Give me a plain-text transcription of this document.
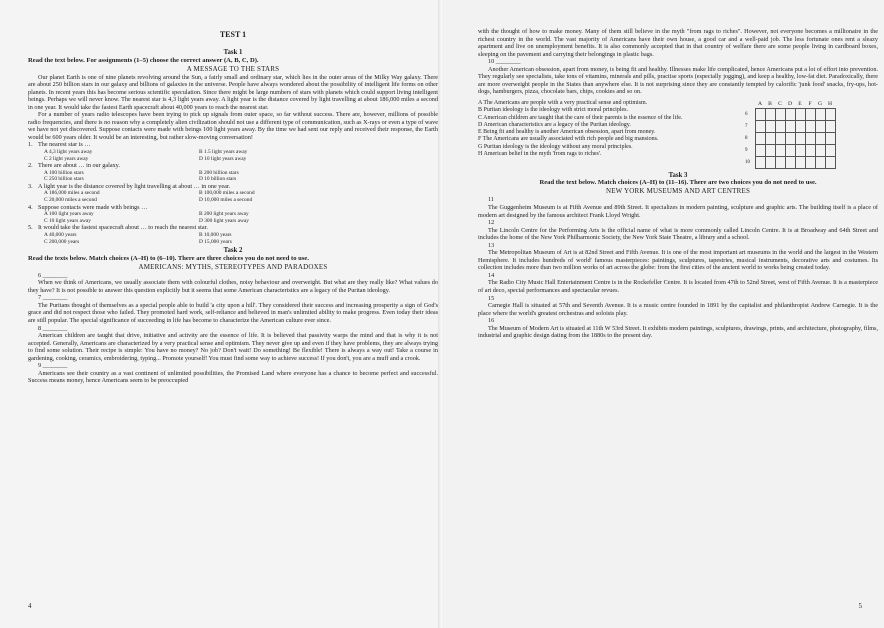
TEST 1
Task 1
Read the text below. For assignments (1–5) choose the correct answer (A, B, C, D).
A MESSAGE TO THE STARS

Our planet Earth is one of nine planets revolving around the Sun, a fairly small and ordinary star, which lies in the outer areas of the Milky Way galaxy. There are about 250 billion stars in our galaxy and billions of galaxies in the universe. People have always wondered about the possibility of intelligent life forms on other planets. In recent years this has become serious scientific speculation. Since there might be large numbers of stars with planets which could support living intelligent beings. Perhaps we will never know. The nearest star is 4,3 light years away. A light year is the distance covered by light travelling at about 186,000 miles a second in one year. It would take the fastest Earth spacecraft about 40,000 years to reach the nearest star.

For a number of years radio telescopes have been trying to pick up signals from outer space, so far without success. There are, however, millions of possible radio frequencies, and there is no reason why a completely alien civilization should not use a different type of communication, such as X-rays or even a type of wave we have not yet discovered. Suppose contacts were made with beings 100 light years away. By the time we had sent our reply and received their response, the Earth would be 600 years older. It would be an interesting, but rather slow-moving conversation!

1. The nearest star is …
A 4,3 light years away	B 1.5 light years away
C 2 light years away	D 10 light years away
2. There are about … in our galaxy.
A 100 billion stars	B 200 billion stars
C 250 billion stars	D 10 billion stars
3. A light year is the distance covered by light travelling at about … in one year.
A 186,000 miles a second	B 100,000 miles a second
C 20,000 miles a second	D 10,000 miles a second
4. Suppose contacts were made with beings …
A 100 light years away	B 200 light years away
C 10 light years away	D 300 light years away
5. It would take the fastest spacecraft about … to reach the nearest star.
A 40,000 years	B 10,000 years
C 200,000 years	D 15,000 years
Task 2
Read the texts below. Match choices (A–H) to (6–10). There are three choices you do not need to use.
AMERICANS: MYTHS, STEREOTYPES AND PARADOXES
6 ________

When we think of Americans, we usually associate them with colourful clothes, noisy behaviour and overweight. But what are they really like? What values do they have? It is not possible to answer this question explicitly but it seems that some American characteristics are a legacy of the Puritan ideology.

7 ________

The Puritans thought of themselves as a special people able to build 'a city upon a hill'. They considered their success and increasing prosperity a sign of God's grace and did not respect those who failed. They promoted hard work, self-reliance and believed in man's unlimited ability to make progress. Even today their ideas are still popular. The special significance of succeeding in life has become to characterize the American culture ever since.

8 ________

American children are taught that drive, initiative and activity are the essence of life. It is believed that passivity warps the mind and that is why it is not accepted. Generally, Americans are characterized by a very practical sense and optimism. They never give up and even if they have problems, they are always trying to find some solution. Their recipe is simple: You have no money? No job? Don't wait! Do something! Be flexible! There is always a way out! Take a course in gardening, cooking, ceramics, embroidering, typing... Promote yourself! You must find some way to achieve success! If you don't, you are a muff and a crook.

9 ________

Americans see their country as a vast continent of unlimited possibilities, the Promised Land where everyone has a chance to become perfect and successful. Success means money, hence Americans seem to be preoccupied

4

with the thought of how to make money. Many of them still believe in the myth "from rags to riches". However, not everyone becomes a millionaire in the richest country in the world. The vast majority of Americans have their own house, a good car and a well-paid job. The less fortunate ones rent a sleazy apartment and live on unemployment benefits. It is also commonly accepted that in that country of welfare there are some people living in cardboard boxes, sleeping on the pavement and carrying their belongings in plastic bags.

10 ________

Another American obsession, apart from money, is being fit and healthy. Illnesses make life complicated, hence Americans put a lot of effort into prevention. They regularly see specialists, take tons of vitamins, minerals and pills, practise sports (especially jogging), and keep a healthy, low-fat diet. Paradoxically, there are more overweight people in the States than anywhere else. It is not surprising since they are constantly tempted by calorific 'junk food' snacks, fry-ups, hot-dogs, hamburgers, pizza, chocolate bars, chips, cookies and so on.

A The Americans are people with a very practical sense and optimism.
B Puritan ideology is the ideology with strict moral principles.
C American children are taught that the care of their parents is the essence of the life.
D American characteristics are a legacy of the Puritan ideology.
E Being fit and healthy is another American obsession, apart from money.
F The Americans are usually associated with rich people and big mansions.
G Puritan ideology is the ideology without any moral principles.
H American belief in the myth 'from rags to riches'.
A	B	C	D	E	F	G	H
6
7
8
9
10
Task 3
Read the text below. Match choices (A–H) to (11–16). There are two choices you do not need to use.
NEW YORK MUSEUMS AND ART CENTRES
11

The Guggenheim Museum is at Fifth Avenue and 89th Street. It specializes in modern painting, sculpture and graphic arts. The building itself is a place of modern art designed by the famous architect Frank Lloyd Wright.

12

The Lincoln Centre for the Performing Arts is the official name of what is more commonly called Lincoln Centre. It is at Broadway and 64th Street and includes the home of the New York Philharmonic Society, the New York State Theatre, a library and a school.

13

The Metropolitan Museum of Art is at 82nd Street and Fifth Avenue. It is one of the most important art museums in the world and the largest in the Western Hemisphere. It includes hundreds of world' famous masterpieces: paintings, sculptures, tapestries, musical instruments, decorative arts and costumes. Its collection includes more than two million works of art across the globe: from the first cities of the ancient world to works being created today.

14

The Radio City Music Hall Entertainment Centre is in the Rockefeller Centre. It is located from 47th to 52nd Street, west of Fifth Avenue. It is a masterpiece of art deco, special performances and spectacular revues.

15

Carnegie Hall is situated at 57th and Seventh Avenue. It is a music centre founded in 1891 by the capitalist and philanthropist Andrew Carnegie. It is the place where the world's greatest orchestras and soloists play.

16

The Museum of Modern Art is situated at 11th W 53rd Street. It exhibits modern paintings, sculptures, drawings, prints, and architecture, photography, films, industrial and graphic design dating from the 1880s to the present day.

5
